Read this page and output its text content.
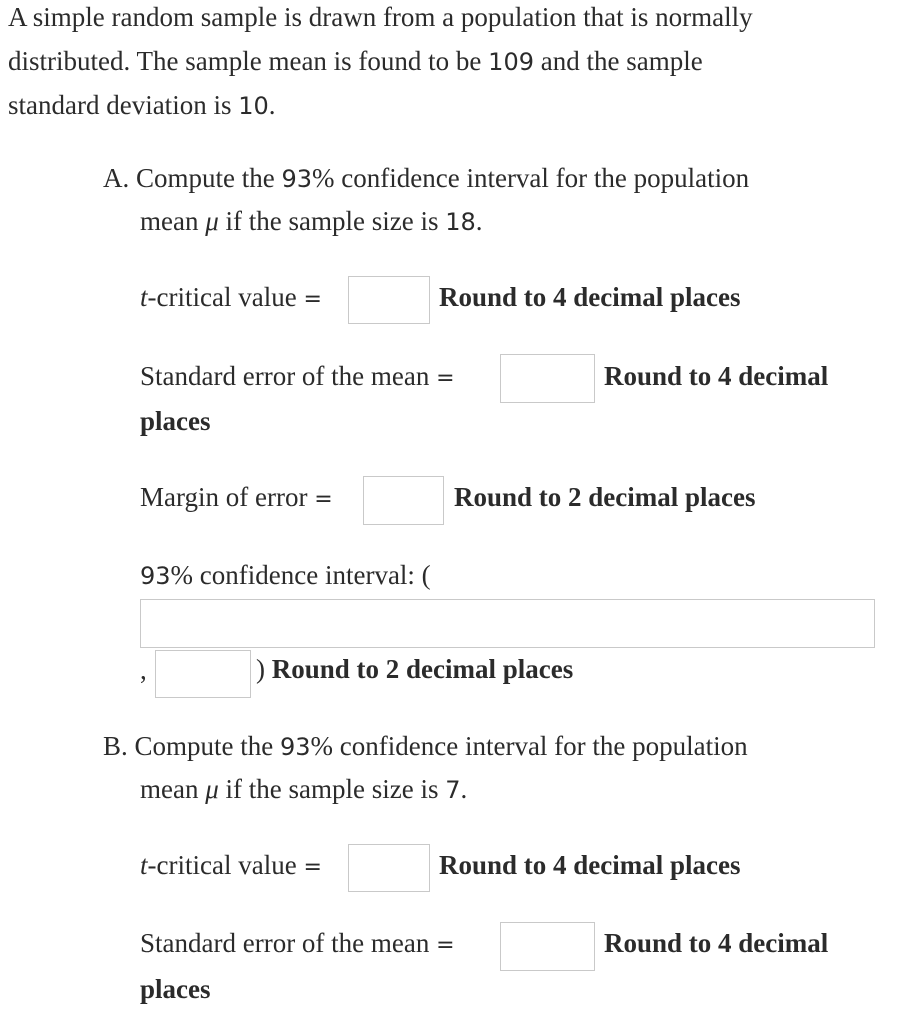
A simple random sample is drawn from a population that is normally
distributed. The sample mean is found to be 109 and the sample
standard deviation is 10.
A. Compute the 93% confidence interval for the population
mean μ if the sample size is 18.
t-critical value =	Round to 4 decimal places
Standard error of the mean =	Round to 4 decimal
places
Margin of error =	Round to 2 decimal places
93% confidence interval: (
,	) Round to 2 decimal places
B. Compute the 93% confidence interval for the population
mean μ if the sample size is 7.
t-critical value =	Round to 4 decimal places
Standard error of the mean =	Round to 4 decimal
places
